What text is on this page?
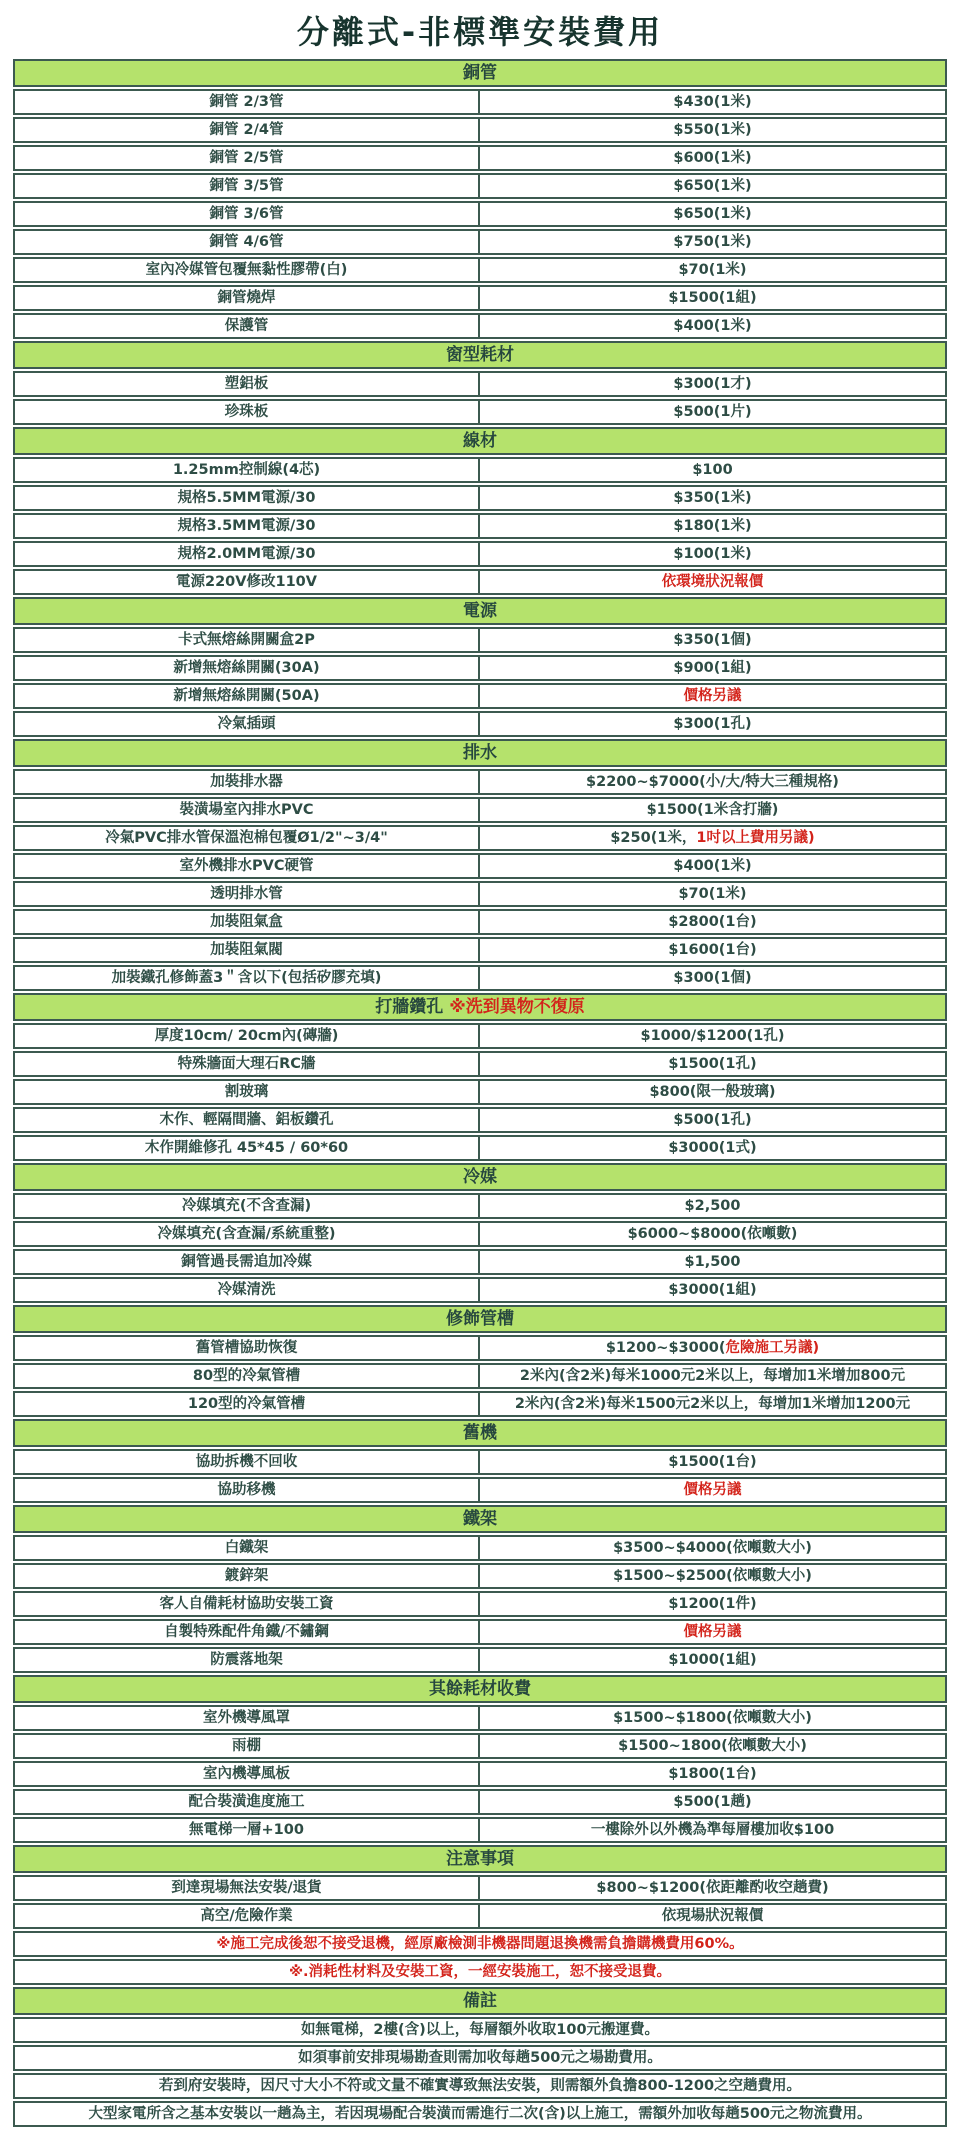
分離式-非標準安裝費用
銅管
銅管 2/3管	$430(1米)
銅管 2/4管	$550(1米)
銅管 2/5管	$600(1米)
銅管 3/5管	$650(1米)
銅管 3/6管	$650(1米)
銅管 4/6管	$750(1米)
室內冷媒管包覆無黏性膠帶(白)	$70(1米)
銅管燒焊	$1500(1組)
保護管	$400(1米)
窗型耗材
塑鋁板	$300(1才)
珍珠板	$500(1片)
線材
1.25mm控制線(4芯)	$100
規格5.5MM電源/30	$350(1米)
規格3.5MM電源/30	$180(1米)
規格2.0MM電源/30	$100(1米)
電源220V修改110V	依環境狀況報價
電源
卡式無熔絲開關盒2P	$350(1個)
新增無熔絲開關(30A)	$900(1組)
新增無熔絲開關(50A)	價格另議
冷氣插頭	$300(1孔)
排水
加裝排水器	$2200~$7000(小/大/特大三種規格)
裝潢場室內排水PVC	$1500(1米含打牆)
冷氣PVC排水管保溫泡棉包覆Ø1/2"~3/4"	$250(1米， 1吋以上費用另議)
室外機排水PVC硬管	$400(1米)
透明排水管	$70(1米)
加裝阻氣盒	$2800(1台)
加裝阻氣閥	$1600(1台)
加裝鐵孔修飾蓋3＂含以下(包括矽膠充填)	$300(1個)
打牆鑽孔 ※洗到異物不復原
厚度10cm/ 20cm內(磚牆)	$1000/$1200(1孔)
特殊牆面大理石RC牆	$1500(1孔)
割玻璃	$800(限一般玻璃)
木作、輕隔間牆、鋁板鑽孔	$500(1孔)
木作開維修孔 45*45 / 60*60	$3000(1式)
冷媒
冷媒填充(不含查漏)	$2,500
冷媒填充(含查漏/系統重整)	$6000~$8000(依噸數)
銅管過長需追加冷媒	$1,500
冷媒清洗	$3000(1組)
修飾管槽
舊管槽協助恢復	$1200~$3000( 危險施工另議)
80型的冷氣管槽	2米內(含2米)每米1000元2米以上，每增加1米增加800元
120型的冷氣管槽	2米內(含2米)每米1500元2米以上，每增加1米增加1200元
舊機
協助拆機不回收	$1500(1台)
協助移機	價格另議
鐵架
白鐵架	$3500~$4000(依噸數大小)
鍍鋅架	$1500~$2500(依噸數大小)
客人自備耗材協助安裝工資	$1200(1件)
自製特殊配件角鐵/不鏽鋼	價格另議
防震落地架	$1000(1組)
其餘耗材收費
室外機導風罩	$1500~$1800(依噸數大小)
雨棚	$1500~1800(依噸數大小)
室內機導風板	$1800(1台)
配合裝潢進度施工	$500(1趟)
無電梯一層+100	一樓除外以外機為準每層樓加收$100
注意事項
到達現場無法安裝/退貨	$800~$1200(依距離酌收空趟費)
高空/危險作業	依現場狀況報價
※施工完成後恕不接受退機，經原廠檢測非機器問題退換機需負擔購機費用60%。
※.消耗性材料及安裝工資，一經安裝施工，恕不接受退費。
備註
如無電梯，2樓(含)以上，每層額外收取100元搬運費。
如須事前安排現場勘查則需加收每趟500元之場勘費用。
若到府安裝時，因尺寸大小不符或文量不確實導致無法安裝，則需額外負擔800-1200之空趟費用。
大型家電所含之基本安裝以一趟為主，若因現場配合裝潢而需進行二次(含)以上施工，需額外加收每趟500元之物流費用。
